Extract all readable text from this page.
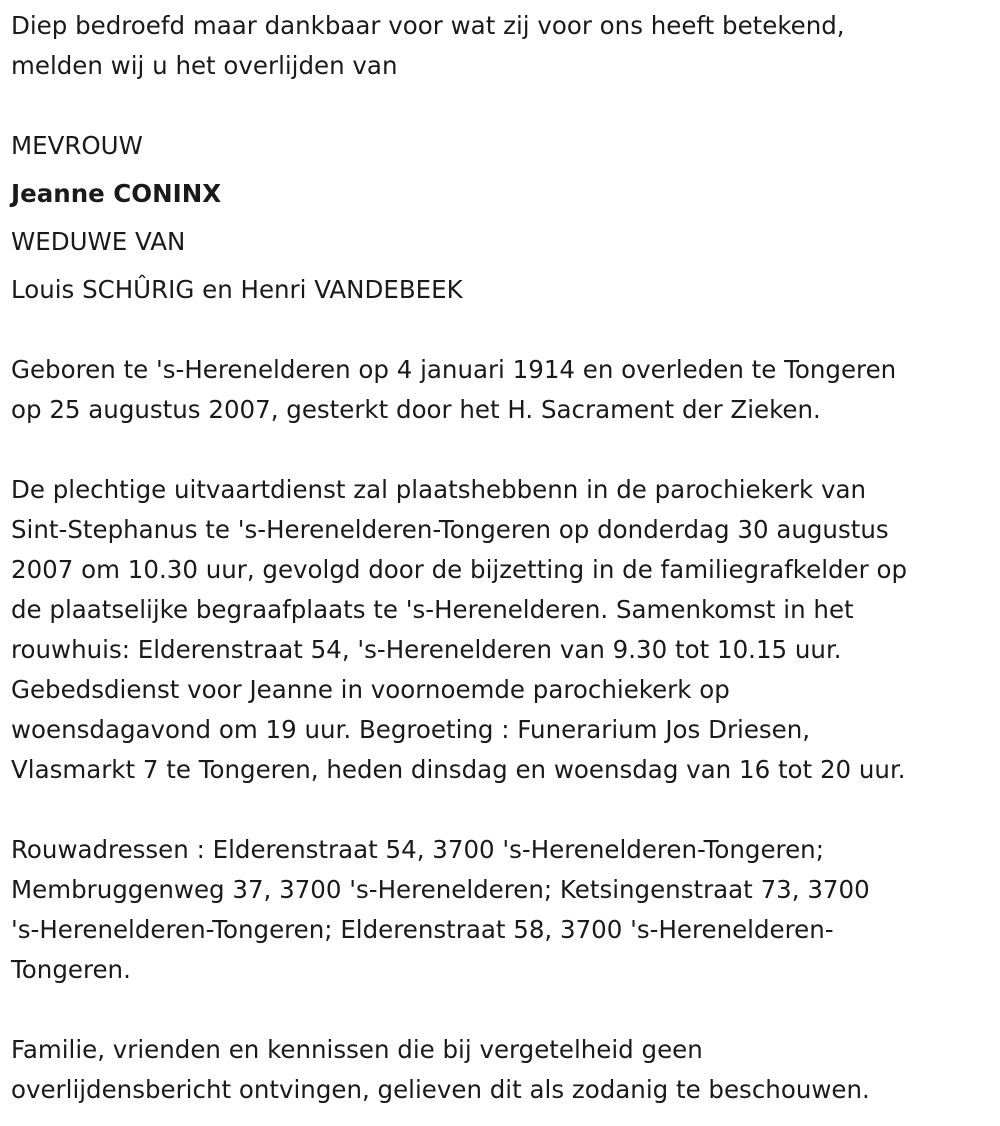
Diep bedroefd maar dankbaar voor wat zij voor ons heeft betekend,
melden wij u het overlijden van
MEVROUW
Jeanne CONINX
WEDUWE VAN
Louis SCHÛRIG en Henri VANDEBEEK
Geboren te 's-Herenelderen op 4 januari 1914 en overleden te Tongeren
op 25 augustus 2007, gesterkt door het H. Sacrament der Zieken.
De plechtige uitvaartdienst zal plaatshebbenn in de parochiekerk van
Sint-Stephanus te 's-Herenelderen-Tongeren op donderdag 30 augustus
2007 om 10.30 uur, gevolgd door de bijzetting in de familiegrafkelder op
de plaatselijke begraafplaats te 's-Herenelderen. Samenkomst in het
rouwhuis: Elderenstraat 54, 's-Herenelderen van 9.30 tot 10.15 uur.
Gebedsdienst voor Jeanne in voornoemde parochiekerk op
woensdagavond om 19 uur. Begroeting : Funerarium Jos Driesen,
Vlasmarkt 7 te Tongeren, heden dinsdag en woensdag van 16 tot 20 uur.
Rouwadressen : Elderenstraat 54, 3700 's-Herenelderen-Tongeren;
Membruggenweg 37, 3700 's-Herenelderen; Ketsingenstraat 73, 3700
's-Herenelderen-Tongeren; Elderenstraat 58, 3700 's-Herenelderen-
Tongeren.
Familie, vrienden en kennissen die bij vergetelheid geen
overlijdensbericht ontvingen, gelieven dit als zodanig te beschouwen.
